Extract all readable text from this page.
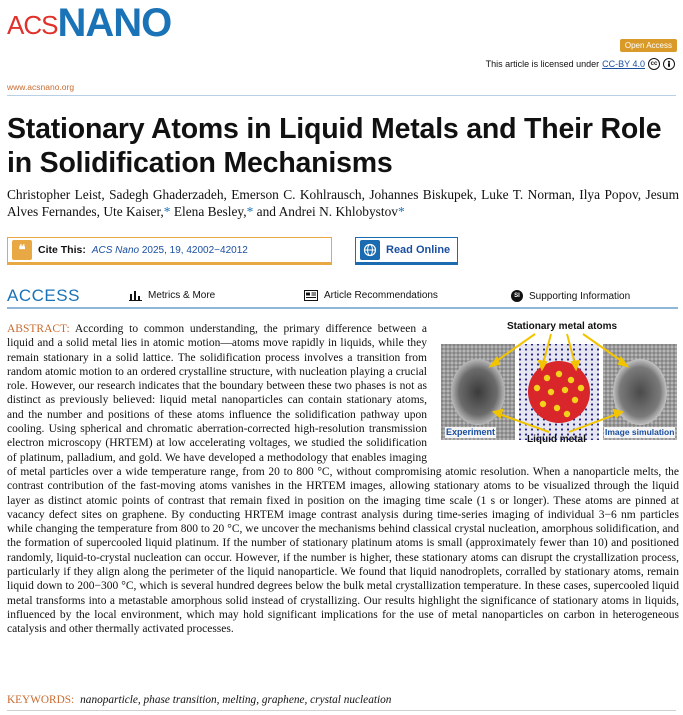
ACS NANO
Open Access
This article is licensed under CC-BY 4.0 cc
www.acsnano.org
Stationary Atoms in Liquid Metals and Their Role in Solidification Mechanisms
Christopher Leist, Sadegh Ghaderzadeh, Emerson C. Kohlrausch, Johannes Biskupek, Luke T. Norman, Ilya Popov, Jesum Alves Fernandes, Ute Kaiser,* Elena Besley,* and Andrei N. Khlobystov*
❝	Cite This: ACS Nano 2025, 19, 42002−42012	Read Online
ACCESS	Metrics & More	Article Recommendations	SI Supporting Information
Stationary metal atoms
Experiment
Liquid metal
Image simulation
ABSTRACT: According to common understanding, the primary difference between a liquid and a solid metal lies in atomic motion—atoms move rapidly in liquids, while they remain stationary in a solid lattice. The solidification process involves a transition from random atomic motion to an ordered crystalline structure, with nucleation playing a crucial role. However, our research indicates that the boundary between these two phases is not as distinct as previously believed: liquid metal nanoparticles can contain stationary atoms, and the number and positions of these atoms influence the solidification pathway upon cooling. Using spherical and chromatic aberration-corrected high-resolution transmission electron microscopy (HRTEM) at low accelerating voltages, we studied the solidification of platinum, palladium, and gold. We have developed a methodology that enables imaging of metal particles over a wide temperature range, from 20 to 800 °C, without compromising atomic resolution. When a nanoparticle melts, the contrast contribution of the fast-moving atoms vanishes in the HRTEM images, allowing stationary atoms to be visualized through the liquid layer as distinct atomic points of contrast that remain fixed in position on the imaging time scale (1 s or longer). These atoms are pinned at vacancy defect sites on graphene. By conducting HRTEM image contrast analysis during time-series imaging of individual 3−6 nm particles while changing the temperature from 800 to 20 °C, we uncover the mechanisms behind classical crystal nucleation, amorphous solidification, and the formation of supercooled liquid platinum. If the number of stationary platinum atoms is small (approximately fewer than 10) and positioned randomly, liquid-to-crystal nucleation can occur. However, if the number is higher, these stationary atoms can disrupt the crystallization process, particularly if they align along the perimeter of the liquid nanoparticle. We found that liquid nanodroplets, corralled by stationary atoms, remain liquid down to 200−300 °C, which is several hundred degrees below the bulk metal crystallization temperature. In these cases, supercooled liquid metal transforms into a metastable amorphous solid instead of crystallizing. Our results highlight the significance of stationary atoms in liquids, influenced by the local environment, which may hold significant implications for the use of metal nanoparticles on carbon in heterogeneous catalysis and other thermally activated processes.
KEYWORDS: nanoparticle, phase transition, melting, graphene, crystal nucleation
